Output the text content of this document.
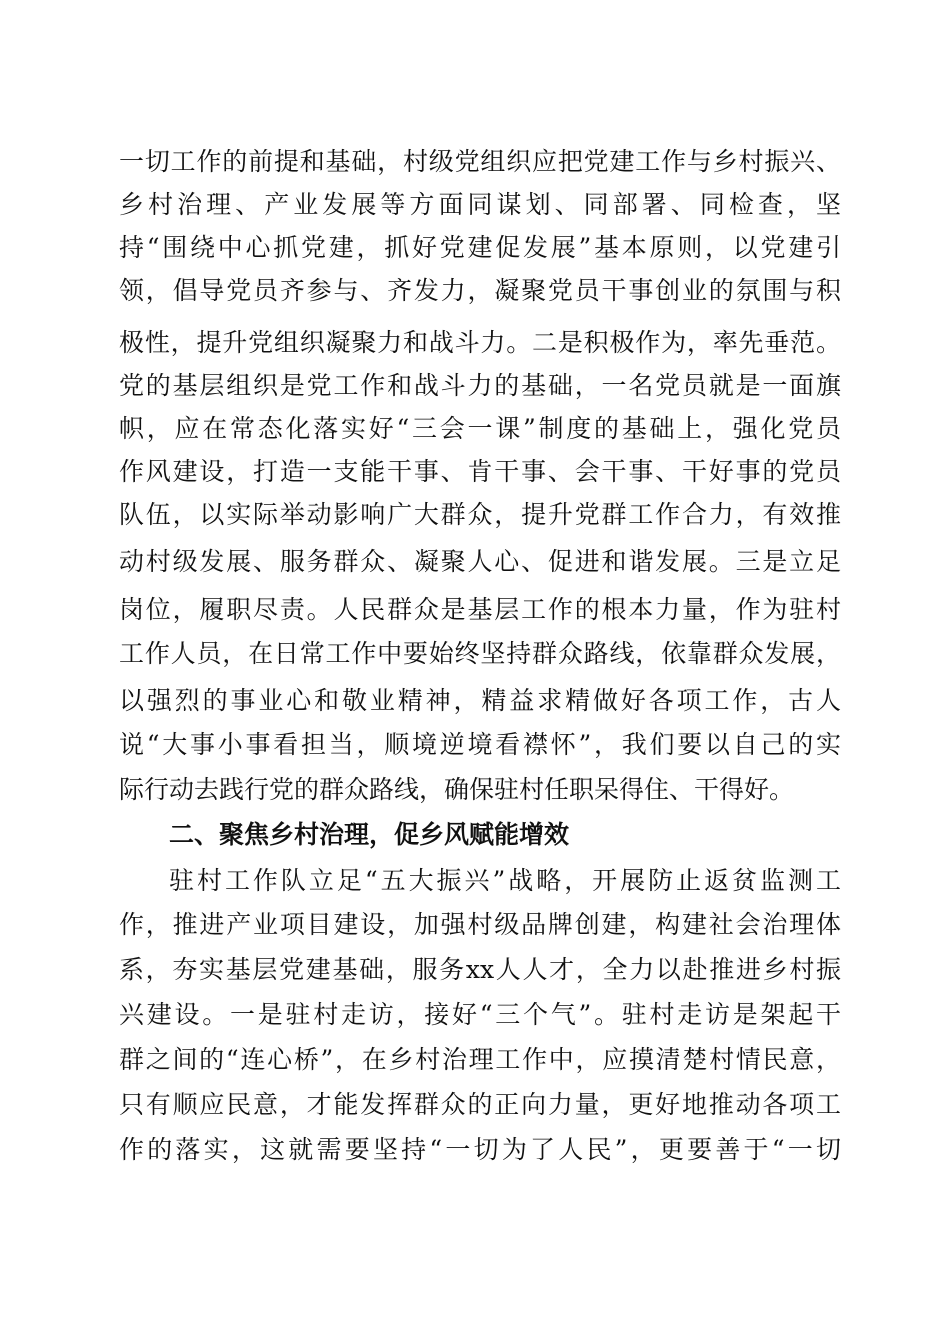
一切工作的前提和基础，村级党组织应把党建工作与乡村振兴、
乡村治理、产业发展等方面同谋划、同部署、同检查，坚
持“围绕中心抓党建，抓好党建促发展”基本原则，以党建引
领，倡导党员齐参与、齐发力，凝聚党员干事创业的氛围与积
极性，提升党组织凝聚力和战斗力。二是积极作为，率先垂范。
党的基层组织是党工作和战斗力的基础，一名党员就是一面旗
帜，应在常态化落实好“三会一课”制度的基础上，强化党员
作风建设，打造一支能干事、肯干事、会干事、干好事的党员
队伍，以实际举动影响广大群众，提升党群工作合力，有效推
动村级发展、服务群众、凝聚人心、促进和谐发展。三是立足
岗位，履职尽责。人民群众是基层工作的根本力量，作为驻村
工作人员，在日常工作中要始终坚持群众路线，依靠群众发展，
以强烈的事业心和敬业精神，精益求精做好各项工作，古人
说“大事小事看担当，顺境逆境看襟怀”，我们要以自己的实
际行动去践行党的群众路线，确保驻村任职呆得住、干得好。
二、聚焦乡村治理，促乡风赋能增效
驻村工作队立足“五大振兴”战略，开展防止返贫监测工
作，推进产业项目建设，加强村级品牌创建，构建社会治理体
系，夯实基层党建基础，服务xx人人才，全力以赴推进乡村振
兴建设。一是驻村走访，接好“三个气”。驻村走访是架起干
群之间的“连心桥”，在乡村治理工作中，应摸清楚村情民意，
只有顺应民意，才能发挥群众的正向力量，更好地推动各项工
作的落实，这就需要坚持“一切为了人民”，更要善于“一切
